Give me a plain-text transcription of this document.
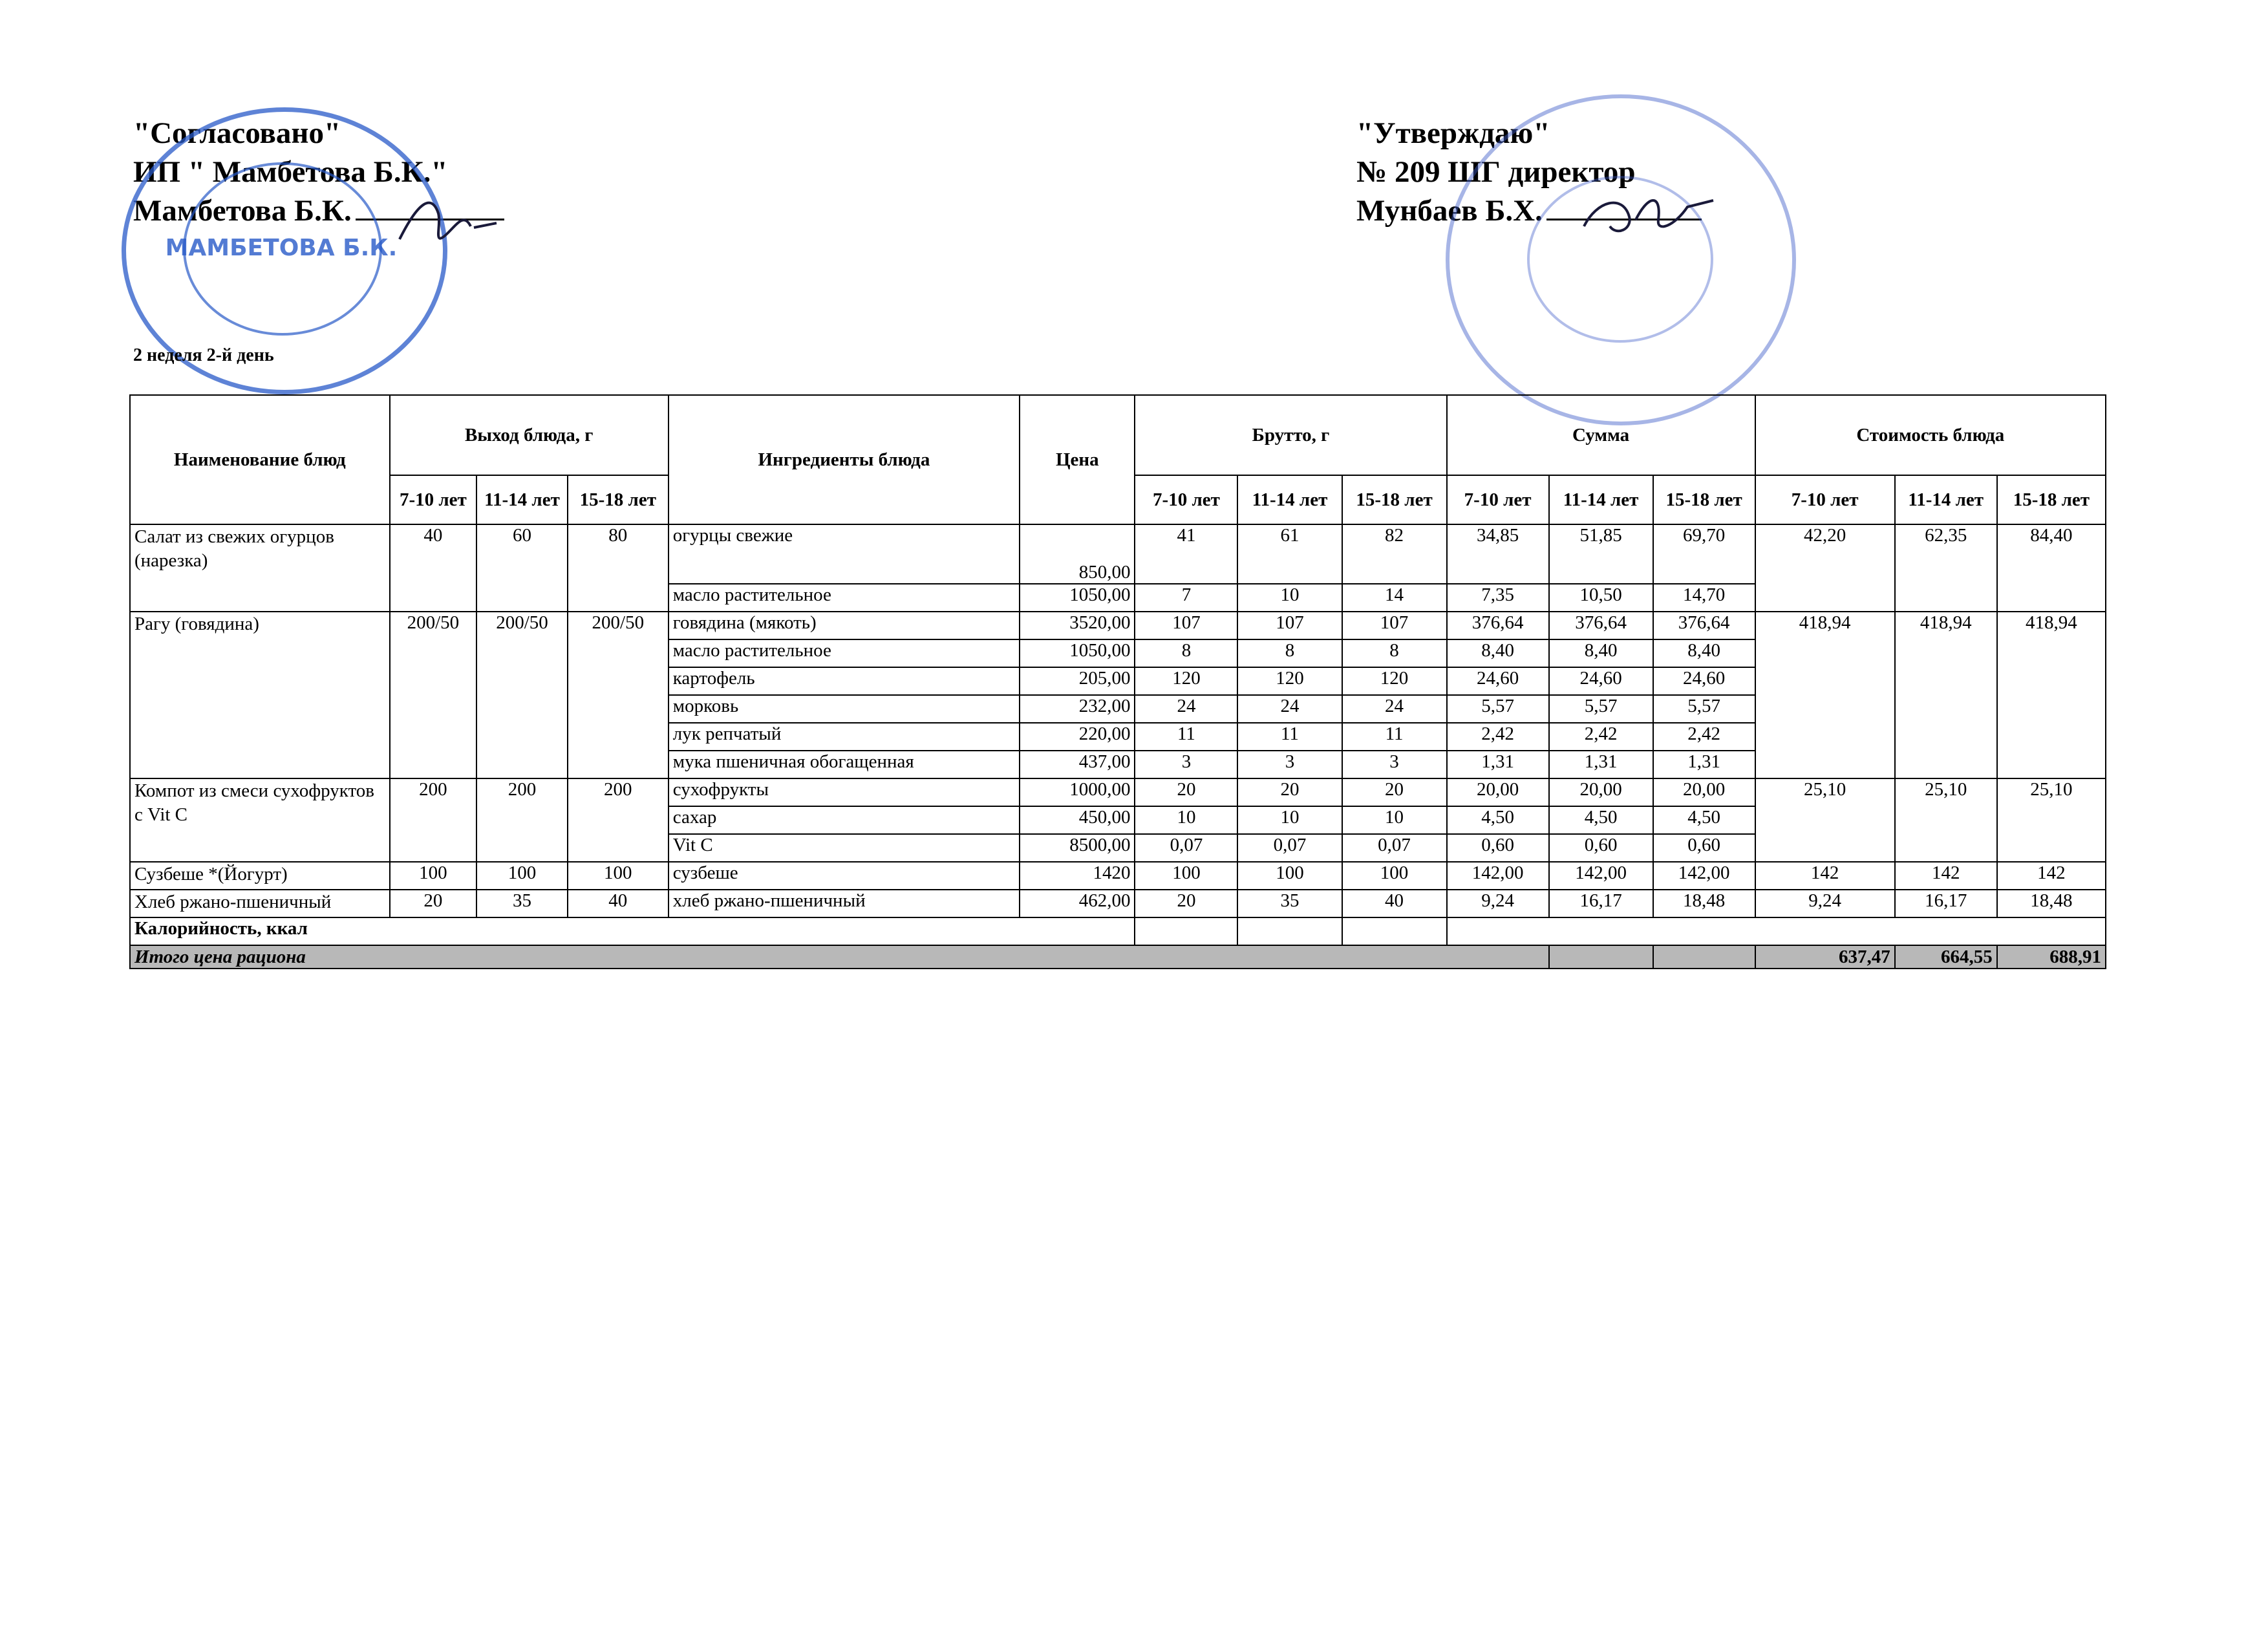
"Согласовано"
ИП " Мамбетова Б.К."
Мамбетова Б.К.
"Утверждаю"
№ 209 ШГ директор
Мунбаев Б.Х.
МАМБЕТОВА Б.К.
2 неделя 2-й день
Наименование блюд	Выход блюда, г			Ингредиенты блюда	Цена	Брутто, г			Сумма			Стоимость блюда		
	7-10 лет	11-14 лет	15-18 лет			7-10 лет	11-14 лет	15-18 лет	7-10 лет	11-14 лет	15-18 лет	7-10 лет	11-14 лет	15-18 лет
Салат из свежих огурцов (нарезка)	40	60	80	огурцы свежие	850,00	41	61	82	34,85	51,85	69,70	42,20	62,35	84,40
				масло растительное	1050,00	7	10	14	7,35	10,50	14,70			
Рагу (говядина)	200/50	200/50	200/50	говядина (мякоть)	3520,00	107	107	107	376,64	376,64	376,64	418,94	418,94	418,94
				масло растительное	1050,00	8	8	8	8,40	8,40	8,40			
				картофель	205,00	120	120	120	24,60	24,60	24,60			
				морковь	232,00	24	24	24	5,57	5,57	5,57			
				лук репчатый	220,00	11	11	11	2,42	2,42	2,42			
				мука пшеничная обогащенная	437,00	3	3	3	1,31	1,31	1,31			
Компот из смеси сухофруктов с Vit C	200	200	200	сухофрукты	1000,00	20	20	20	20,00	20,00	20,00	25,10	25,10	25,10
				сахар	450,00	10	10	10	4,50	4,50	4,50			
				Vit C	8500,00	0,07	0,07	0,07	0,60	0,60	0,60			
Сузбеше *(Йогурт)	100	100	100	сузбеше	1420	100	100	100	142,00	142,00	142,00	142	142	142
Хлеб ржано-пшеничный	20	35	40	хлеб ржано-пшеничный	462,00	20	35	40	9,24	16,17	18,48	9,24	16,17	18,48
Калорийность, ккал														
Итого цена рациона												637,47	664,55	688,91
